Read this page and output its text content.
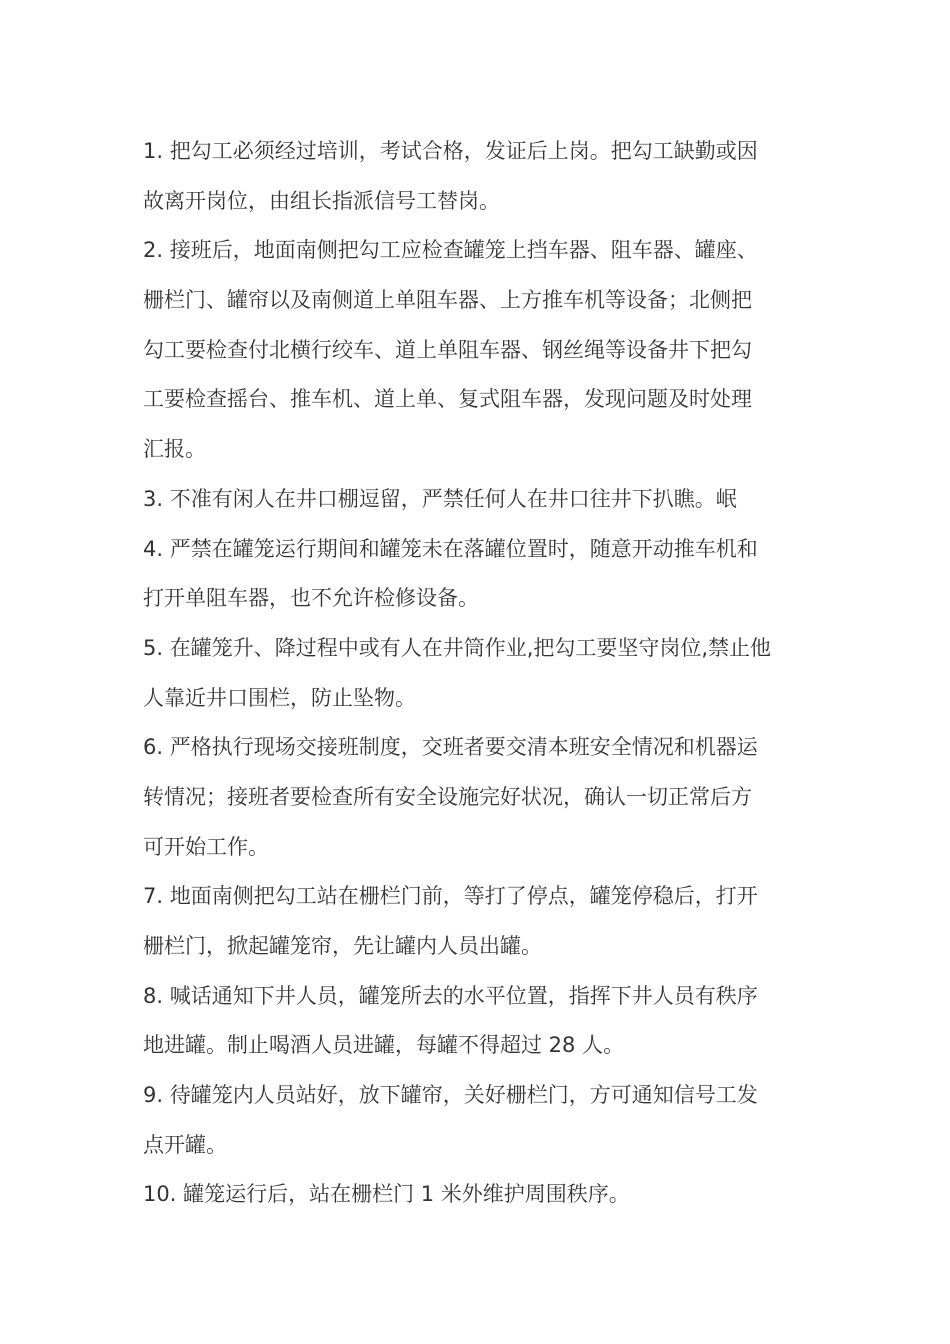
1. 把勾工必须经过培训，考试合格，发证后上岗。把勾工缺勤或因
故离开岗位，由组长指派信号工替岗。
2. 接班后，地面南侧把勾工应检查罐笼上挡车器、阻车器、罐座、
栅栏门、罐帘以及南侧道上单阻车器、上方推车机等设备；北侧把
勾工要检查付北横行绞车、道上单阻车器、钢丝绳等设备井下把勾
工要检查摇台、推车机、道上单、复式阻车器，发现问题及时处理
汇报。
3. 不准有闲人在井口棚逗留，严禁任何人在井口往井下扒瞧。岷
4. 严禁在罐笼运行期间和罐笼未在落罐位置时，随意开动推车机和
打开单阻车器，也不允许检修设备。
5. 在罐笼升、降过程中或有人在井筒作业,把勾工要坚守岗位,禁止他
人靠近井口围栏，防止坠物。
6. 严格执行现场交接班制度，交班者要交清本班安全情况和机器运
转情况；接班者要检查所有安全设施完好状况，确认一切正常后方
可开始工作。
7. 地面南侧把勾工站在栅栏门前，等打了停点，罐笼停稳后，打开
栅栏门，掀起罐笼帘，先让罐内人员出罐。
8. 喊话通知下井人员，罐笼所去的水平位置，指挥下井人员有秩序
地进罐。制止喝酒人员进罐，每罐不得超过 28 人。
9. 待罐笼内人员站好，放下罐帘，关好栅栏门，方可通知信号工发
点开罐。
10. 罐笼运行后，站在栅栏门 1 米外维护周围秩序。
